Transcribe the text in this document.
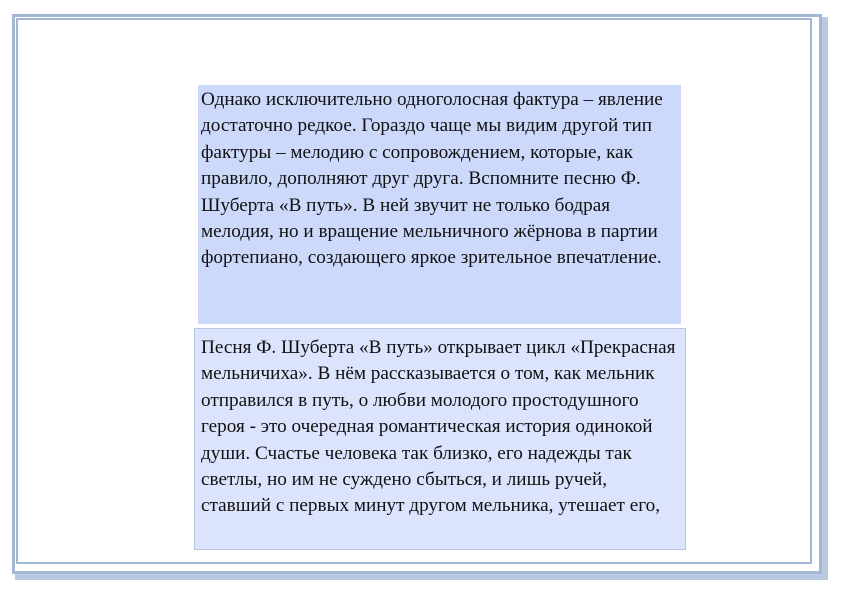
Однако исключительно одноголосная фактура – явление достаточно редкое. Гораздо чаще мы видим другой тип фактуры – мелодию с сопровождением, которые, как правило, дополняют друг друга. Вспомните песню Ф. Шуберта «В путь». В ней звучит не только бодрая мелодия, но и вращение мельничного жёрнова в партии фортепиано, создающего яркое зрительное впечатление.
Песня Ф. Шуберта «В путь» открывает цикл «Прекрасная мельничиха». В нём рассказывается о том, как мельник отправился в путь, о любви молодого простодушного героя - это очередная романтическая история одинокой души. Счастье человека так близко, его надежды так светлы, но им не суждено сбыться, и лишь ручей, ставший с первых минут другом мельника, утешает его,
